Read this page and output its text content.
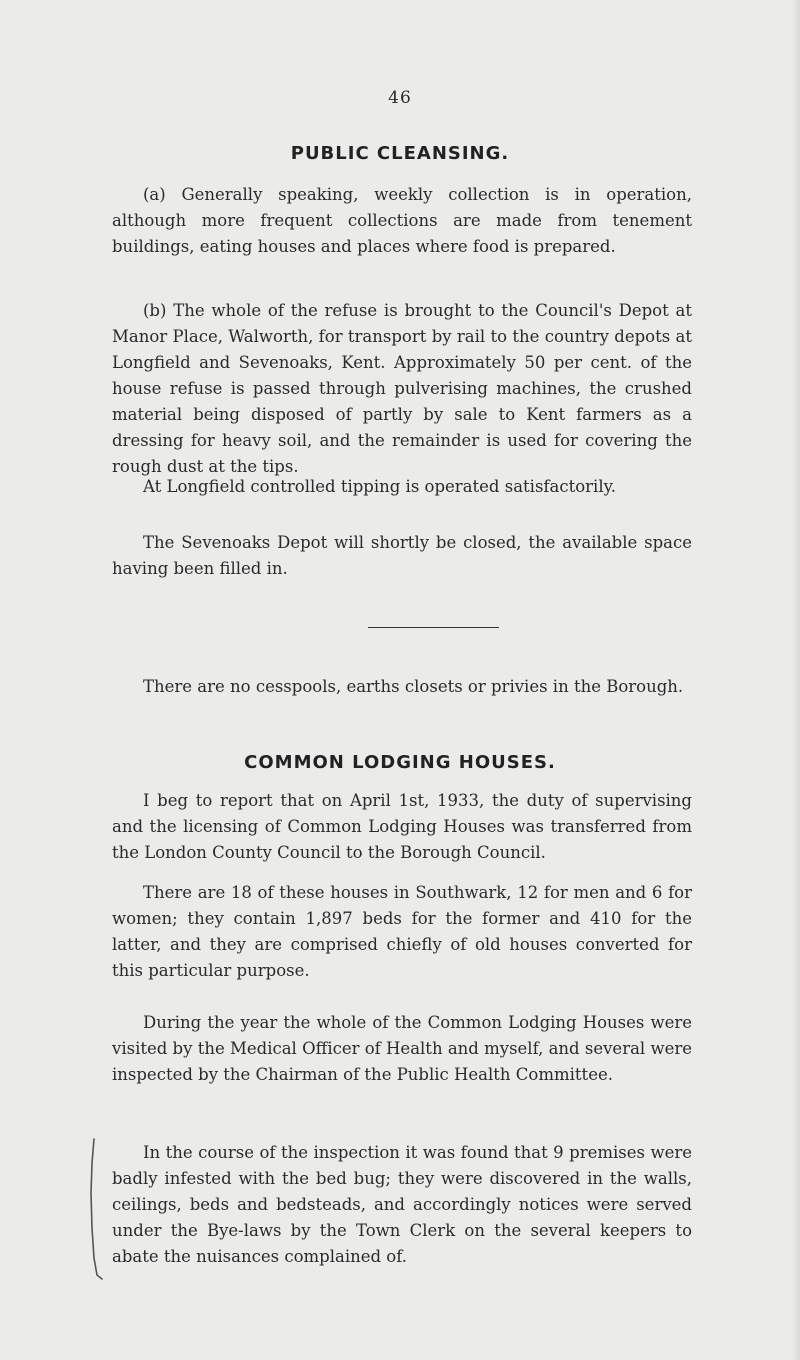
46
PUBLIC CLEANSING.

(a) Generally speaking, weekly collection is in operation, although more frequent collections are made from tenement buildings, eating houses and places where food is prepared.

(b) The whole of the refuse is brought to the Council's Depot at Manor Place, Walworth, for transport by rail to the country depots at Longfield and Sevenoaks, Kent. Approximately 50 per cent. of the house refuse is passed through pulverising machines, the crushed material being disposed of partly by sale to Kent farmers as a dressing for heavy soil, and the remainder is used for covering the rough dust at the tips.

At Longfield controlled tipping is operated satisfactorily.

The Sevenoaks Depot will shortly be closed, the available space having been filled in.

There are no cesspools, earths closets or privies in the Borough.

COMMON LODGING HOUSES.

I beg to report that on April 1st, 1933, the duty of supervising and the licensing of Common Lodging Houses was transferred from the London County Council to the Borough Council.

There are 18 of these houses in Southwark, 12 for men and 6 for women; they contain 1,897 beds for the former and 410 for the latter, and they are comprised chiefly of old houses converted for this particular purpose.

During the year the whole of the Common Lodging Houses were visited by the Medical Officer of Health and myself, and several were inspected by the Chairman of the Public Health Committee.

In the course of the inspection it was found that 9 premises were badly infested with the bed bug; they were discovered in the walls, ceilings, beds and bedsteads, and accordingly notices were served under the Bye-laws by the Town Clerk on the several keepers to abate the nuisances complained of.
